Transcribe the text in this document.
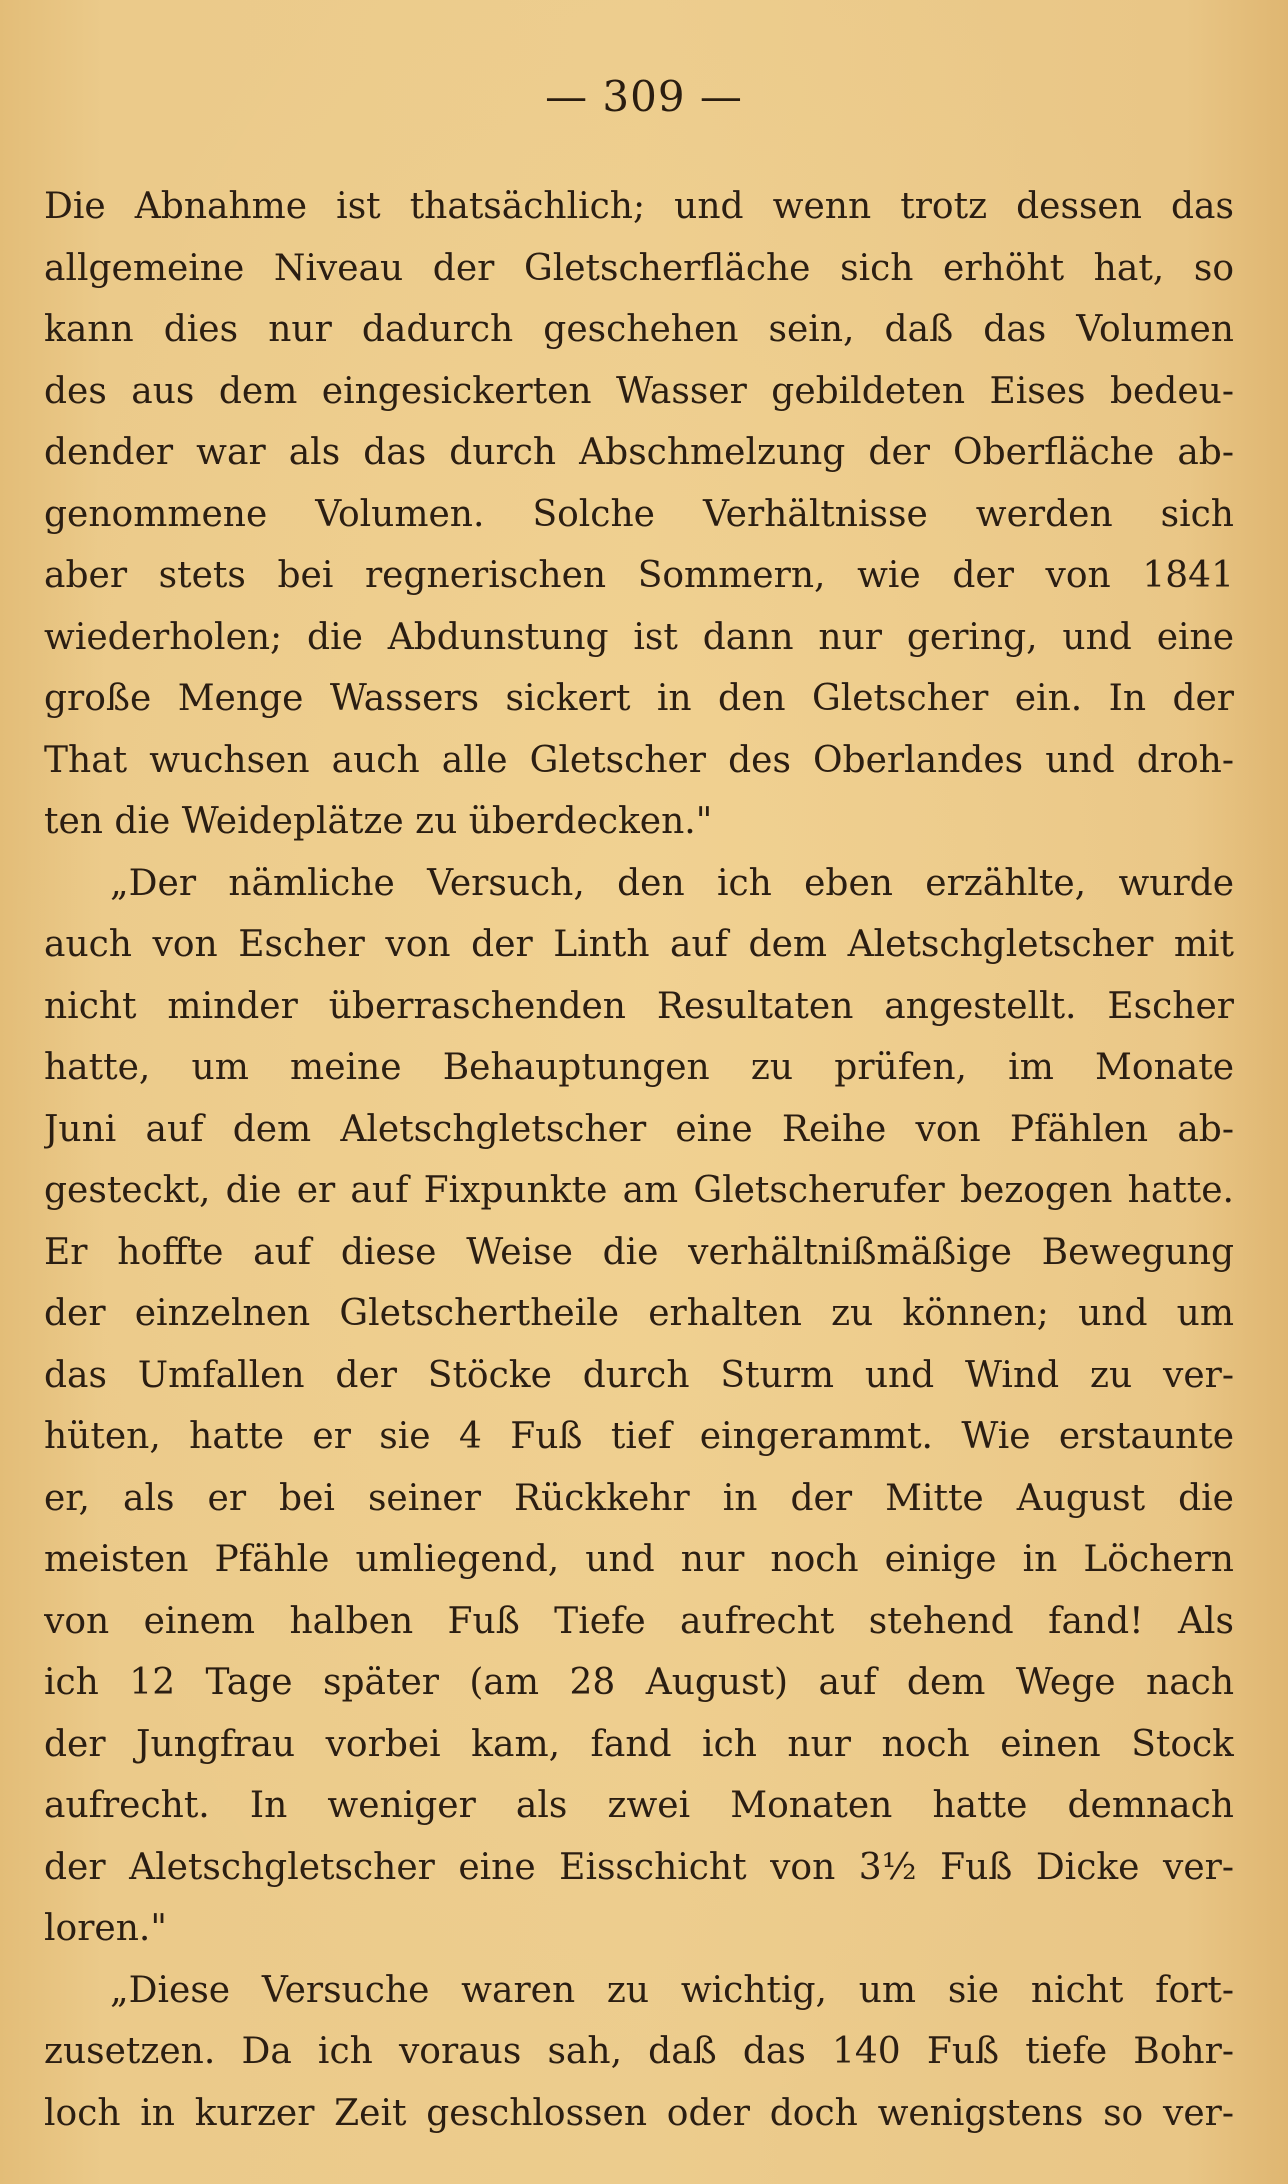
— 309 —
Die Abnahme ist thatsächlich; und wenn trotz dessen das
allgemeine Niveau der Gletscherfläche sich erhöht hat, so
kann dies nur dadurch geschehen sein, daß das Volumen
des aus dem eingesickerten Wasser gebildeten Eises bedeu-
dender war als das durch Abschmelzung der Oberfläche ab-
genommene Volumen. Solche Verhältnisse werden sich
aber stets bei regnerischen Sommern, wie der von 1841
wiederholen; die Abdunstung ist dann nur gering, und eine
große Menge Wassers sickert in den Gletscher ein. In der
That wuchsen auch alle Gletscher des Oberlandes und droh-
ten die Weideplätze zu überdecken."
„Der nämliche Versuch, den ich eben erzählte, wurde
auch von Escher von der Linth auf dem Aletschgletscher mit
nicht minder überraschenden Resultaten angestellt. Escher
hatte, um meine Behauptungen zu prüfen, im Monate
Juni auf dem Aletschgletscher eine Reihe von Pfählen ab-
gesteckt, die er auf Fixpunkte am Gletscherufer bezogen hatte.
Er hoffte auf diese Weise die verhältnißmäßige Bewegung
der einzelnen Gletschertheile erhalten zu können; und um
das Umfallen der Stöcke durch Sturm und Wind zu ver-
hüten, hatte er sie 4 Fuß tief eingerammt. Wie erstaunte
er, als er bei seiner Rückkehr in der Mitte August die
meisten Pfähle umliegend, und nur noch einige in Löchern
von einem halben Fuß Tiefe aufrecht stehend fand! Als
ich 12 Tage später (am 28 August) auf dem Wege nach
der Jungfrau vorbei kam, fand ich nur noch einen Stock
aufrecht. In weniger als zwei Monaten hatte demnach
der Aletschgletscher eine Eisschicht von 3½ Fuß Dicke ver-
loren."
„Diese Versuche waren zu wichtig, um sie nicht fort-
zusetzen. Da ich voraus sah, daß das 140 Fuß tiefe Bohr-
loch in kurzer Zeit geschlossen oder doch wenigstens so ver-
